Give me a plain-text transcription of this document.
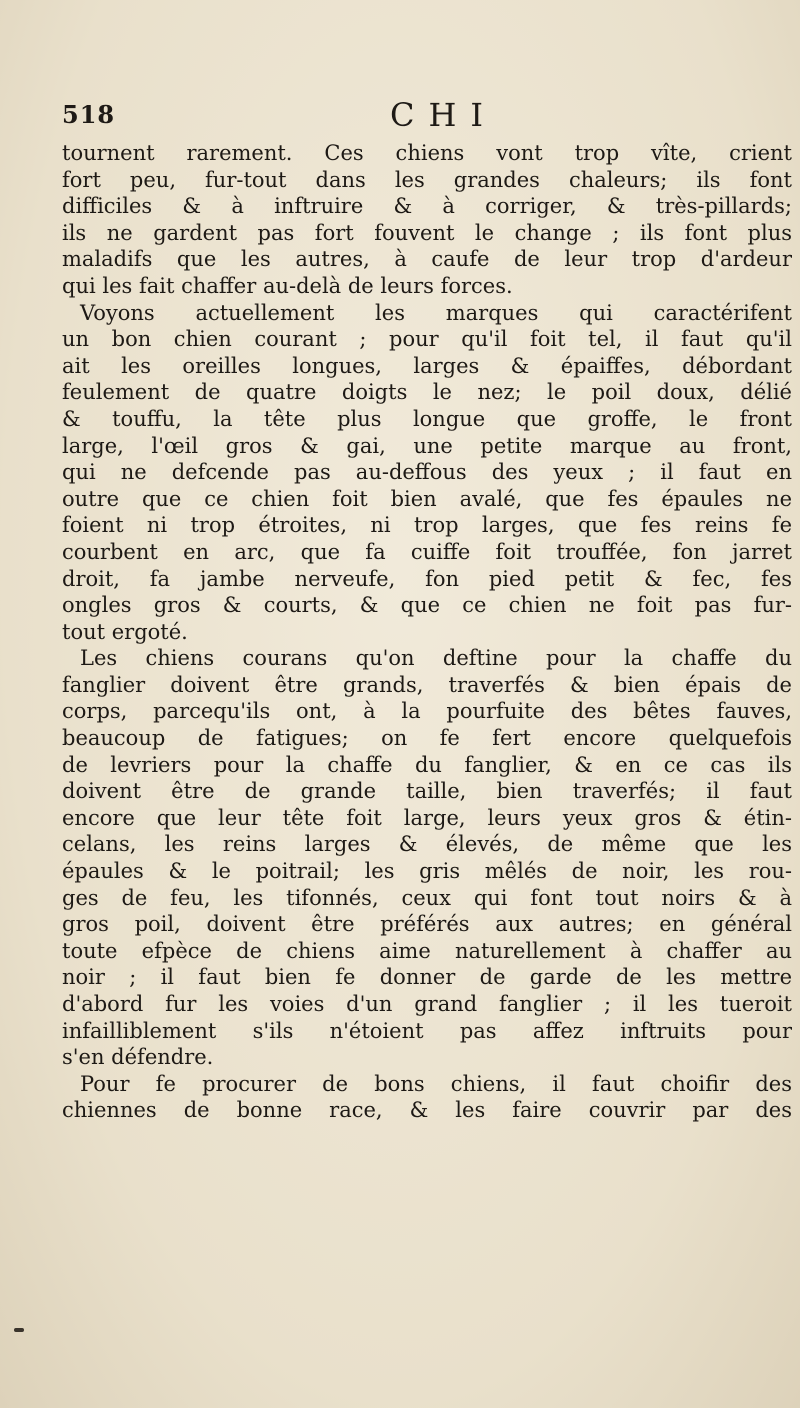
518	CHI
tournent rarement. Ces chiens vont trop vîte, crient
fort peu, fur-tout dans les grandes chaleurs; ils font
difficiles & à inftruire & à corriger, & très-pillards;
ils ne gardent pas fort fouvent le change ; ils font plus
maladifs que les autres, à caufe de leur trop d'ardeur
qui les fait chaffer au-delà de leurs forces.
Voyons actuellement les marques qui caractérifent
un bon chien courant ; pour qu'il foit tel, il faut qu'il
ait les oreilles longues, larges & épaiffes, débordant
feulement de quatre doigts le nez; le poil doux, délié
& touffu, la tête plus longue que groffe, le front
large, l'œil gros & gai, une petite marque au front,
qui ne defcende pas au-deffous des yeux ; il faut en
outre que ce chien foit bien avalé, que fes épaules ne
foient ni trop étroites, ni trop larges, que fes reins fe
courbent en arc, que fa cuiffe foit trouffée, fon jarret
droit, fa jambe nerveufe, fon pied petit & fec, fes
ongles gros & courts, & que ce chien ne foit pas fur-
tout ergoté.
Les chiens courans qu'on deftine pour la chaffe du
fanglier doivent être grands, traverfés & bien épais de
corps, parcequ'ils ont, à la pourfuite des bêtes fauves,
beaucoup de fatigues; on fe fert encore quelquefois
de levriers pour la chaffe du fanglier, & en ce cas ils
doivent être de grande taille, bien traverfés; il faut
encore que leur tête foit large, leurs yeux gros & étin-
celans, les reins larges & élevés, de même que les
épaules & le poitrail; les gris mêlés de noir, les rou-
ges de feu, les tifonnés, ceux qui font tout noirs & à
gros poil, doivent être préférés aux autres; en général
toute efpèce de chiens aime naturellement à chaffer au
noir ; il faut bien fe donner de garde de les mettre
d'abord fur les voies d'un grand fanglier ; il les tueroit
infailliblement s'ils n'étoient pas affez inftruits pour
s'en défendre.
Pour fe procurer de bons chiens, il faut choifir des
chiennes de bonne race, & les faire couvrir par des
